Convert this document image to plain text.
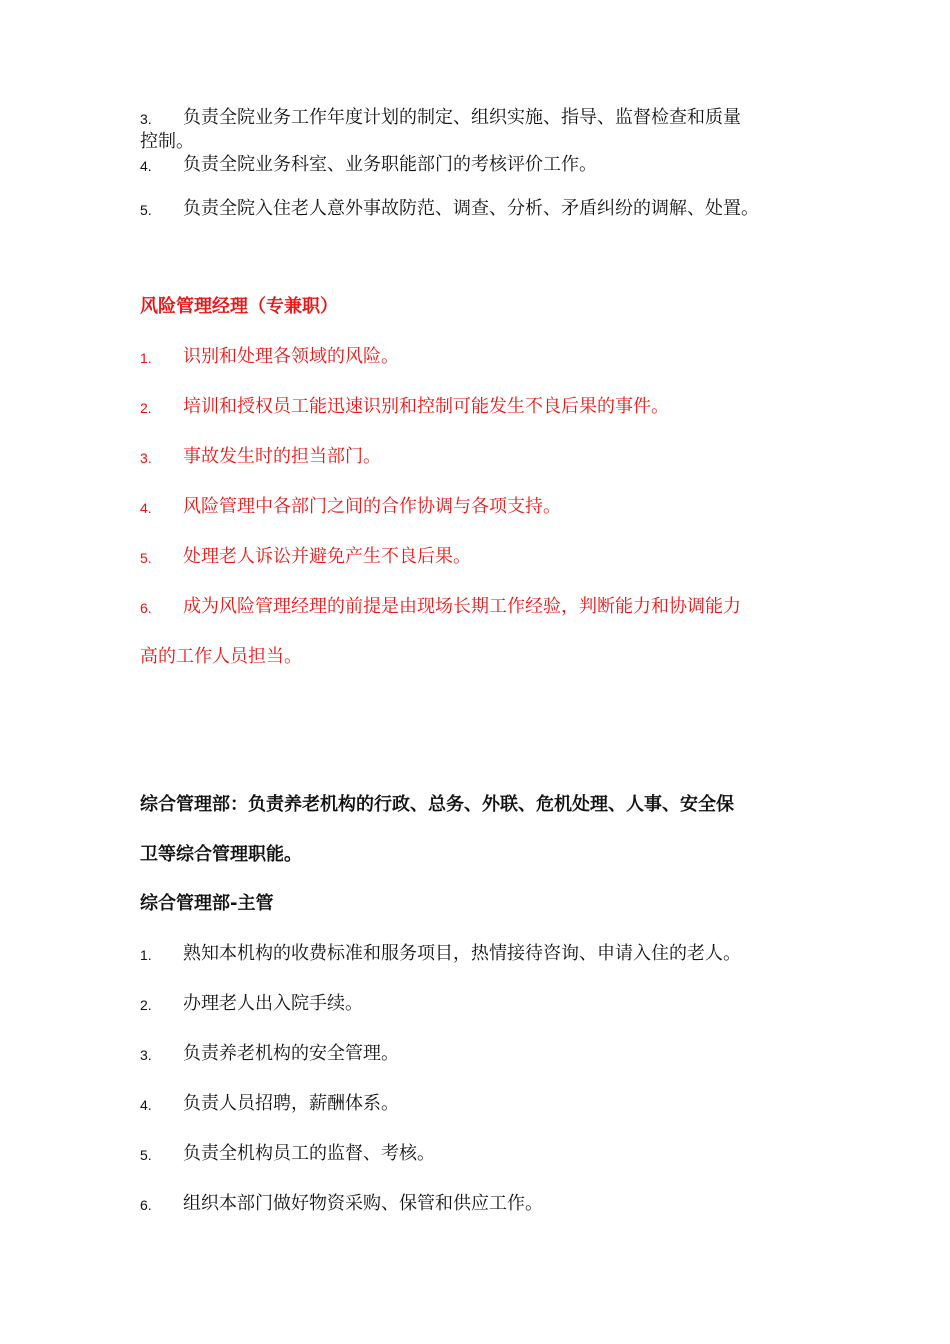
3. 负责全院业务工作年度计划的制定、组织实施、指导、监督检查和质量
控制。
4. 负责全院业务科室、业务职能部门的考核评价工作。
5. 负责全院入住老人意外事故防范、调查、分析、矛盾纠纷的调解、处置。
风险管理经理（专兼职）
1. 识别和处理各领域的风险。
2. 培训和授权员工能迅速识别和控制可能发生不良后果的事件。
3. 事故发生时的担当部门。
4. 风险管理中各部门之间的合作协调与各项支持。
5. 处理老人诉讼并避免产生不良后果。
6. 成为风险管理经理的前提是由现场长期工作经验，判断能力和协调能力
高的工作人员担当。
综合管理部：负责养老机构的行政、总务、外联、危机处理、人事、安全保
卫等综合管理职能。
综合管理部-主管
1. 熟知本机构的收费标准和服务项目，热情接待咨询、申请入住的老人。
2. 办理老人出入院手续。
3. 负责养老机构的安全管理。
4. 负责人员招聘，薪酬体系。
5. 负责全机构员工的监督、考核。
6. 组织本部门做好物资采购、保管和供应工作。
